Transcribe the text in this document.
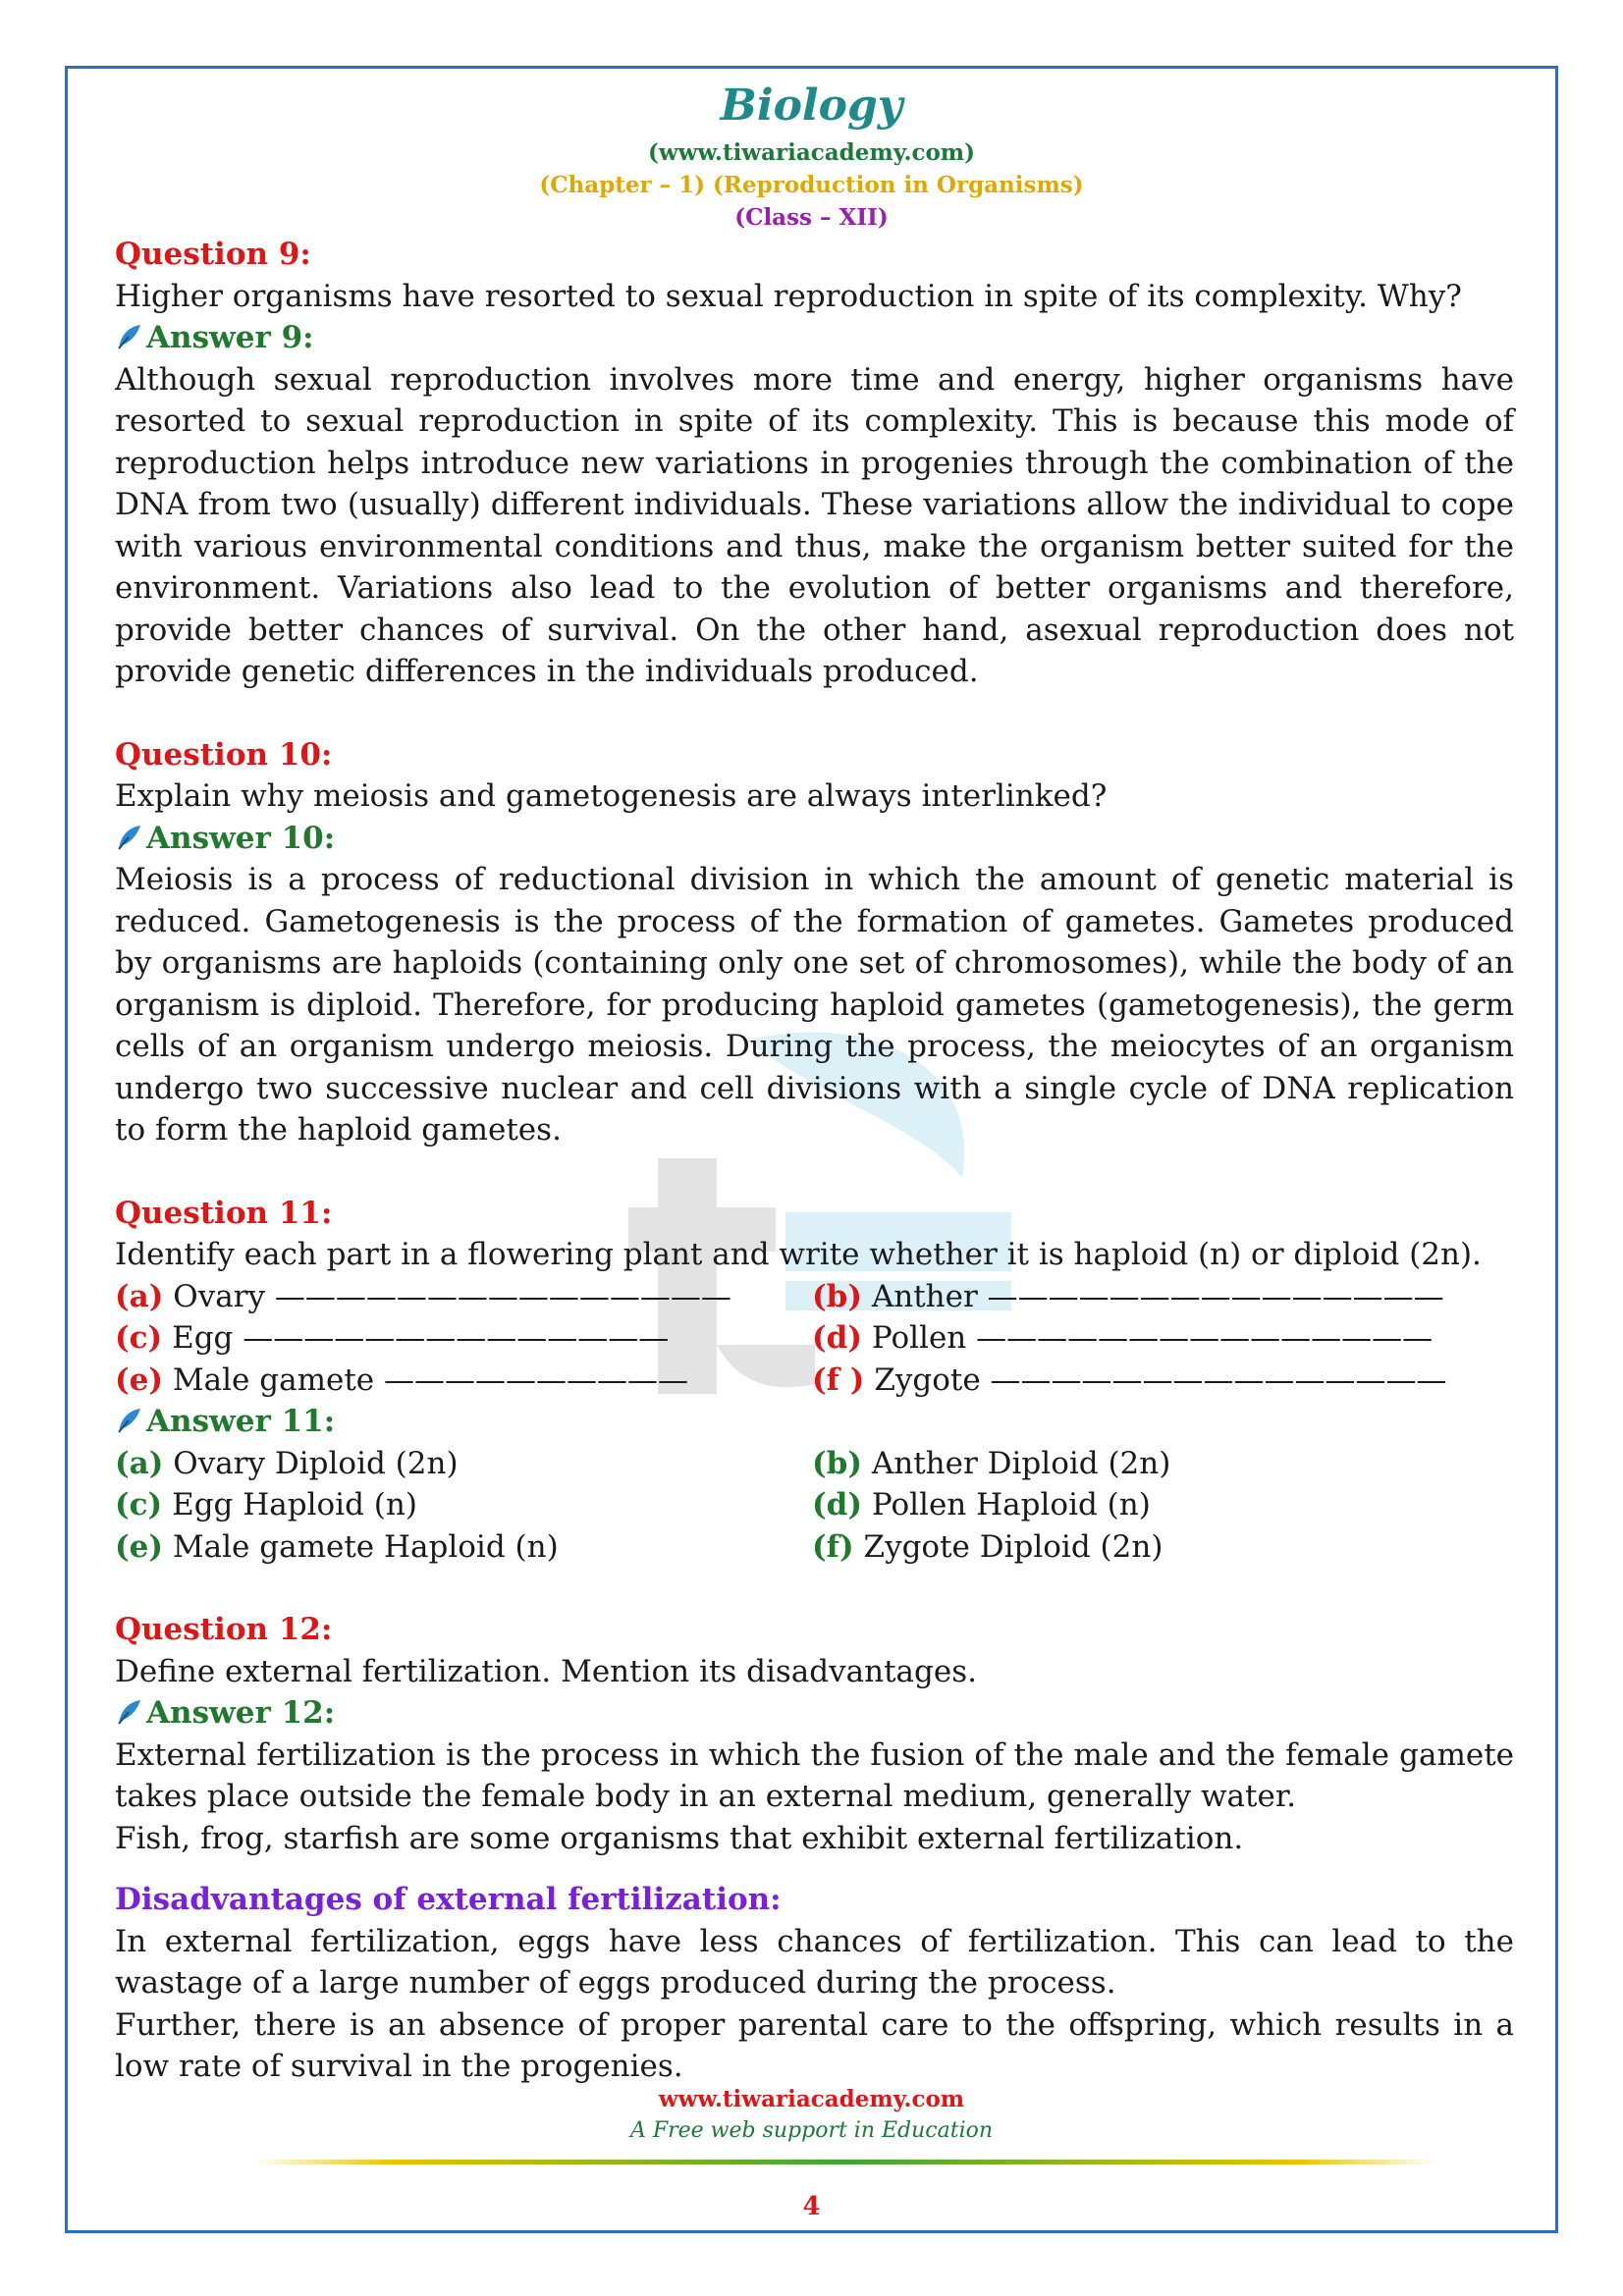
Biology
(www.tiwariacademy.com)
(Chapter – 1) (Reproduction in Organisms)
(Class – XII)

Question 9:

Higher organisms have resorted to sexual reproduction in spite of its complexity. Why?

Answer 9:

Although sexual reproduction involves more time and energy, higher organisms have resorted to sexual reproduction in spite of its complexity. This is because this mode of reproduction helps introduce new variations in progenies through the combination of the DNA from two (usually) different individuals. These variations allow the individual to cope with various environmental conditions and thus, make the organism better suited for the environment. Variations also lead to the evolution of better organisms and therefore, provide better chances of survival. On the other hand, asexual reproduction does not provide genetic differences in the individuals produced.

Question 10:

Explain why meiosis and gametogenesis are always interlinked?

Answer 10:

Meiosis is a process of reductional division in which the amount of genetic material is reduced. Gametogenesis is the process of the formation of gametes. Gametes produced by organisms are haploids (containing only one set of chromosomes), while the body of an organism is diploid. Therefore, for producing haploid gametes (gametogenesis), the germ cells of an organism undergo meiosis. During the process, the meiocytes of an organism undergo two successive nuclear and cell divisions with a single cycle of DNA replication to form the haploid gametes.

Question 11:

Identify each part in a flowering plant and write whether it is haploid (n) or diploid (2n).

(a) Ovary ———————————————	(b) Anther ———————————————
(c) Egg ——————————————	(d) Pollen ———————————————
(e) Male gamete ——————————	(f ) Zygote ———————————————
Answer 11:
(a) Ovary Diploid (2n)	(b) Anther Diploid (2n)
(c) Egg Haploid (n)	(d) Pollen Haploid (n)
(e) Male gamete Haploid (n)	(f) Zygote Diploid (2n)

Question 12:

Define external fertilization. Mention its disadvantages.

Answer 12:

External fertilization is the process in which the fusion of the male and the female gamete takes place outside the female body in an external medium, generally water.

Fish, frog, starfish are some organisms that exhibit external fertilization.

Disadvantages of external fertilization:

In external fertilization, eggs have less chances of fertilization. This can lead to the wastage of a large number of eggs produced during the process.

Further, there is an absence of proper parental care to the offspring, which results in a low rate of survival in the progenies.

www.tiwariacademy.com
A Free web support in Education
4
